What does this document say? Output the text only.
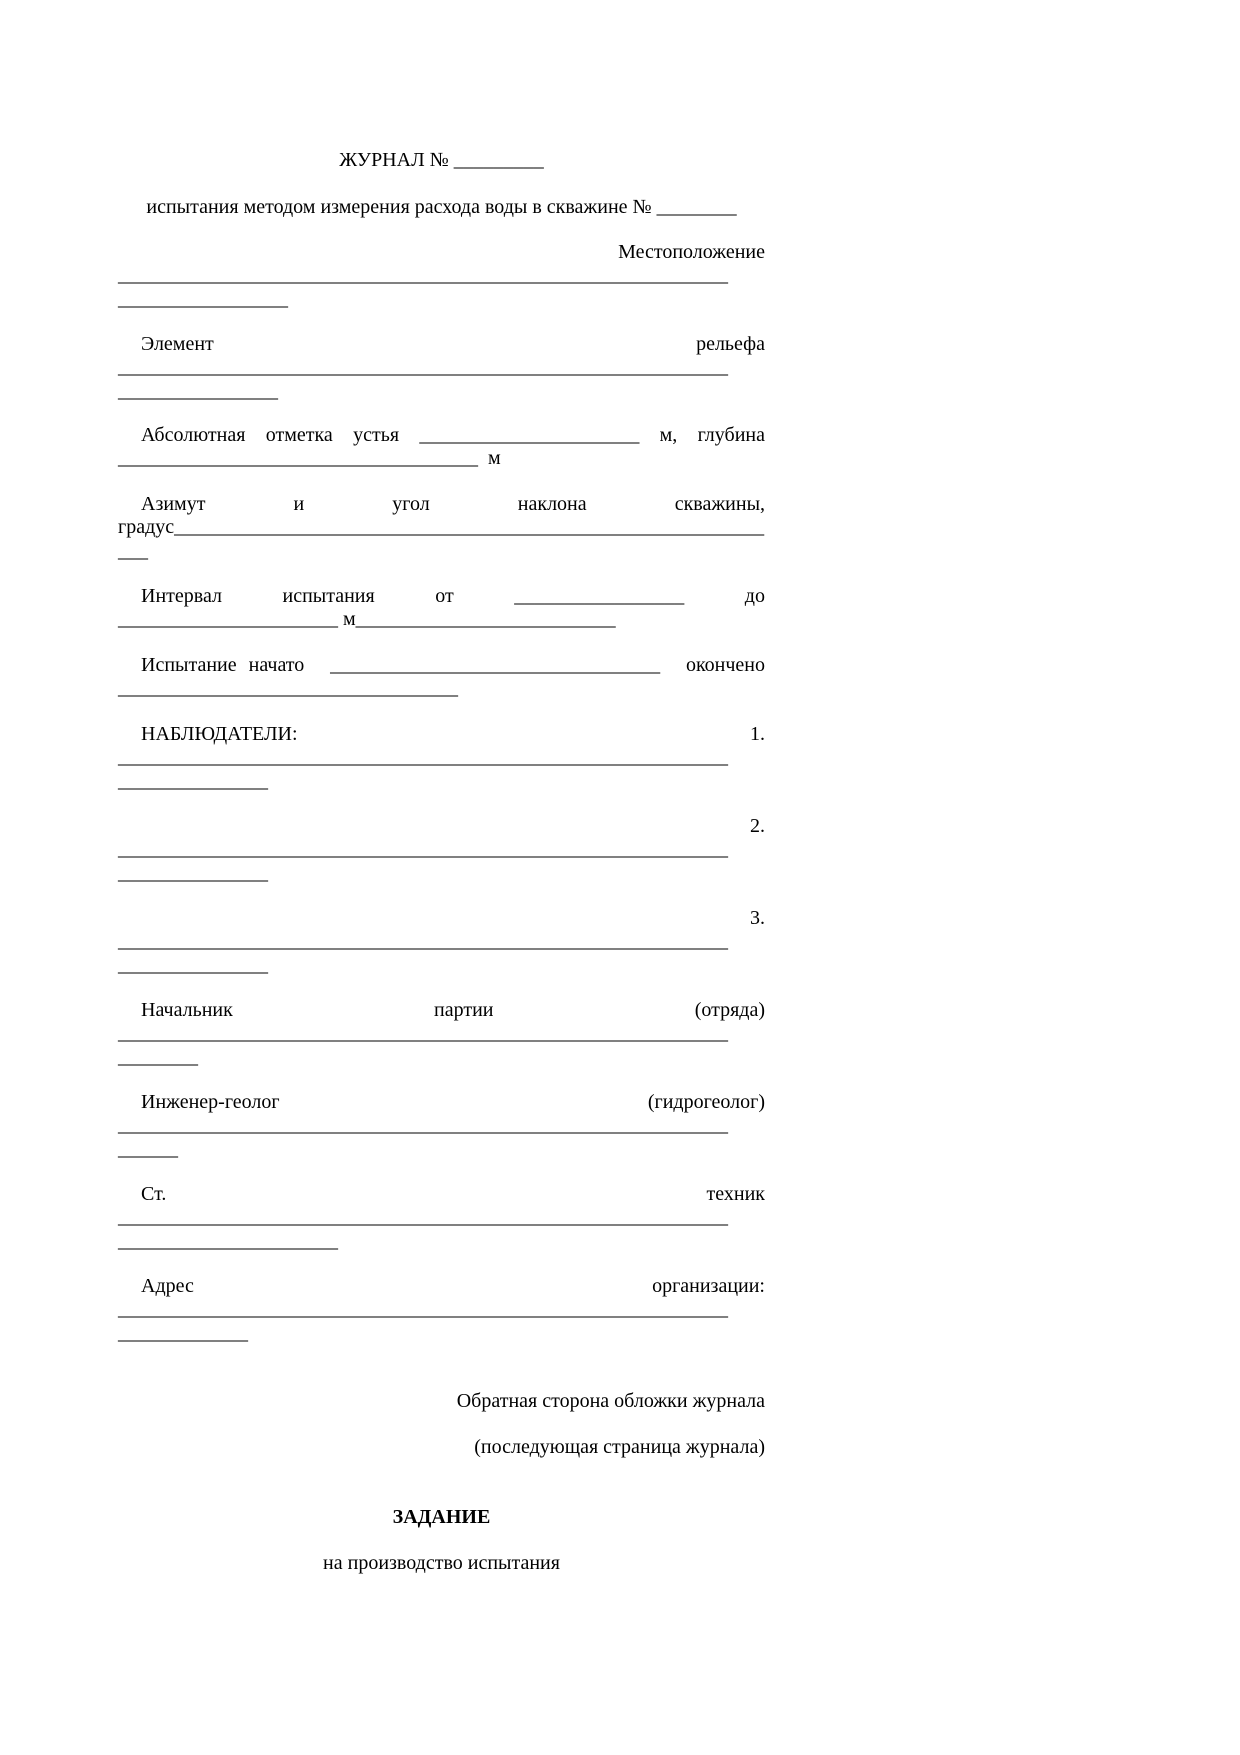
ЖУРНАЛ № _________
испытания методом измерения расхода воды в скважине № ________
Местоположение
_____________________________________________________________
_________________
Элемент	рельефа
_____________________________________________________________
________________
Абсолютная отметка устья ______________________ м, глубина
____________________________________ м
Азимут	и	угол	наклона	скважины,
градус___________________________________________________________
___
Интервал	испытания	от	_________________	до
______________________ м__________________________
Испытание начато _________________________________ окончено
__________________________________
НАБЛЮДАТЕЛИ:	1.
_____________________________________________________________
_______________
2.
_____________________________________________________________
_______________
3.
_____________________________________________________________
_______________
Начальник	партии	(отряда)
_____________________________________________________________
________
Инженер-геолог	(гидрогеолог)
_____________________________________________________________
______
Ст.	техник
_____________________________________________________________
______________________
Адрес	организации:
_____________________________________________________________
_____________
Обратная сторона обложки журнала
(последующая страница журнала)
ЗАДАНИЕ
на производство испытания
